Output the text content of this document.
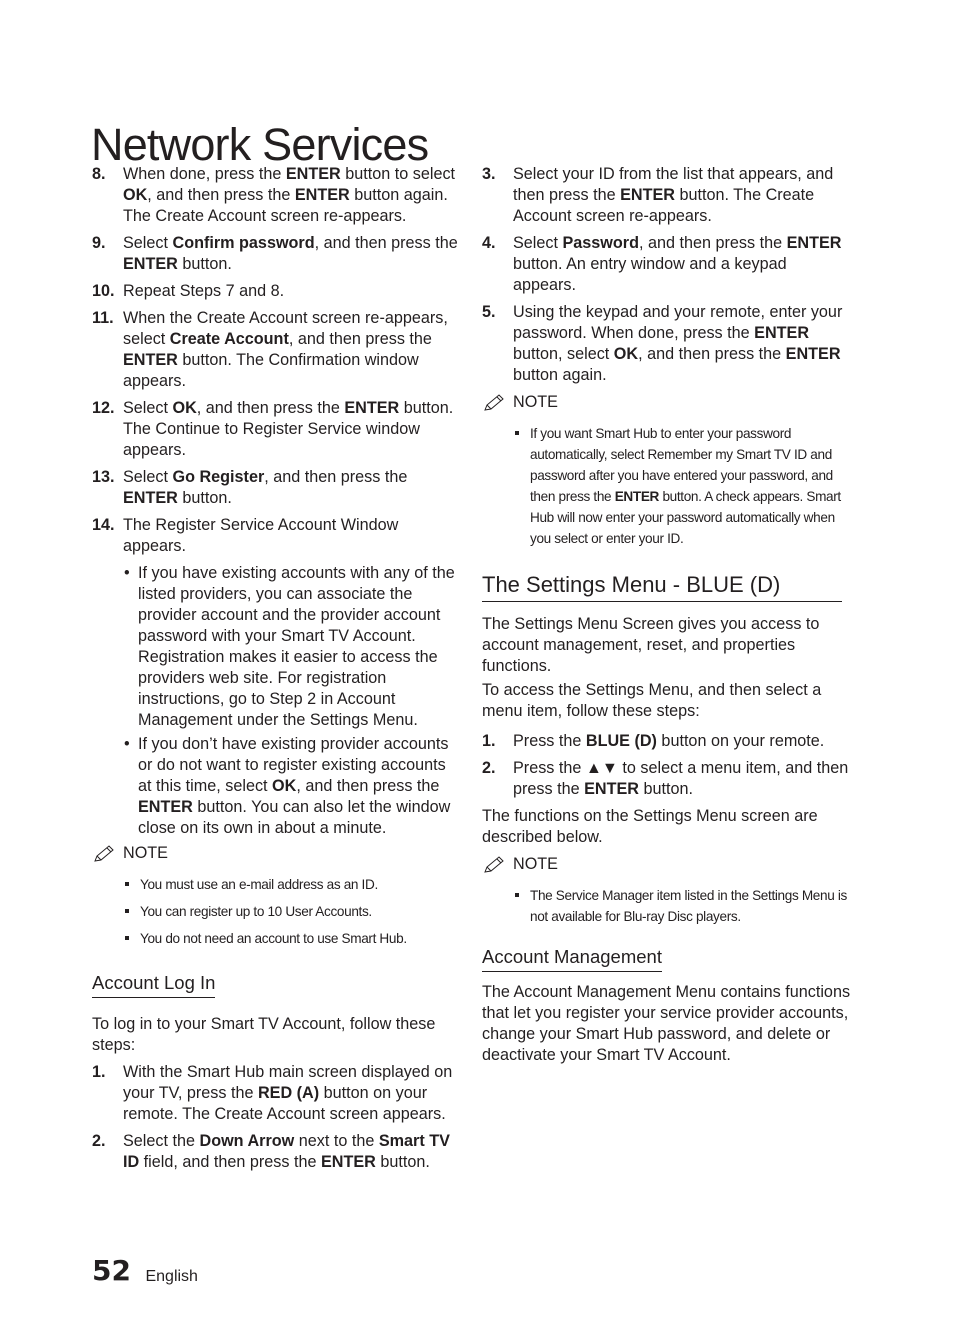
Network Services
8. When done, press the ENTER button to select OK, and then press the ENTER button again. The Create Account screen re-appears.
9. Select Confirm password, and then press the ENTER button.
10. Repeat Steps 7 and 8.
11. When the Create Account screen re-appears, select Create Account, and then press the ENTER button. The Confirmation window appears.
12. Select OK, and then press the ENTER button. The Continue to Register Service window appears.
13. Select Go Register, and then press the ENTER button.
14. The Register Service Account Window appears.
• If you have existing accounts with any of the listed providers, you can associate the provider account and the provider account password with your Smart TV Account. Registration makes it easier to access the providers web site. For registration instructions, go to Step 2 in Account Management under the Settings Menu.
• If you don’t have existing provider accounts or do not want to register existing accounts at this time, select OK, and then press the ENTER button. You can also let the window close on its own in about a minute.
NOTE
You must use an e-mail address as an ID.
You can register up to 10 User Accounts.
You do not need an account to use Smart Hub.
Account Log In
To log in to your Smart TV Account, follow these steps:
1. With the Smart Hub main screen displayed on your TV, press the RED (A) button on your remote. The Create Account screen appears.
2. Select the Down Arrow next to the Smart TV ID field, and then press the ENTER button.
3. Select your ID from the list that appears, and then press the ENTER button. The Create Account screen re-appears.
4. Select Password, and then press the ENTER button. An entry window and a keypad appears.
5. Using the keypad and your remote, enter your password. When done, press the ENTER button, select OK, and then press the ENTER button again.
NOTE
If you want Smart Hub to enter your password automatically, select Remember my Smart TV ID and password after you have entered your password, and then press the ENTER button. A check appears. Smart Hub will now enter your password automatically when you select or enter your ID.
The Settings Menu - BLUE (D)
The Settings Menu Screen gives you access to account management, reset, and properties functions.
To access the Settings Menu, and then select a menu item, follow these steps:
1. Press the BLUE (D) button on your remote.
2. Press the ▲▼ to select a menu item, and then press the ENTER button.
The functions on the Settings Menu screen are described below.
NOTE
The Service Manager item listed in the Settings Menu is not available for Blu-ray Disc players.
Account Management
The Account Management Menu contains functions that let you register your service provider accounts, change your Smart Hub password, and delete or deactivate your Smart TV Account.
52 English
